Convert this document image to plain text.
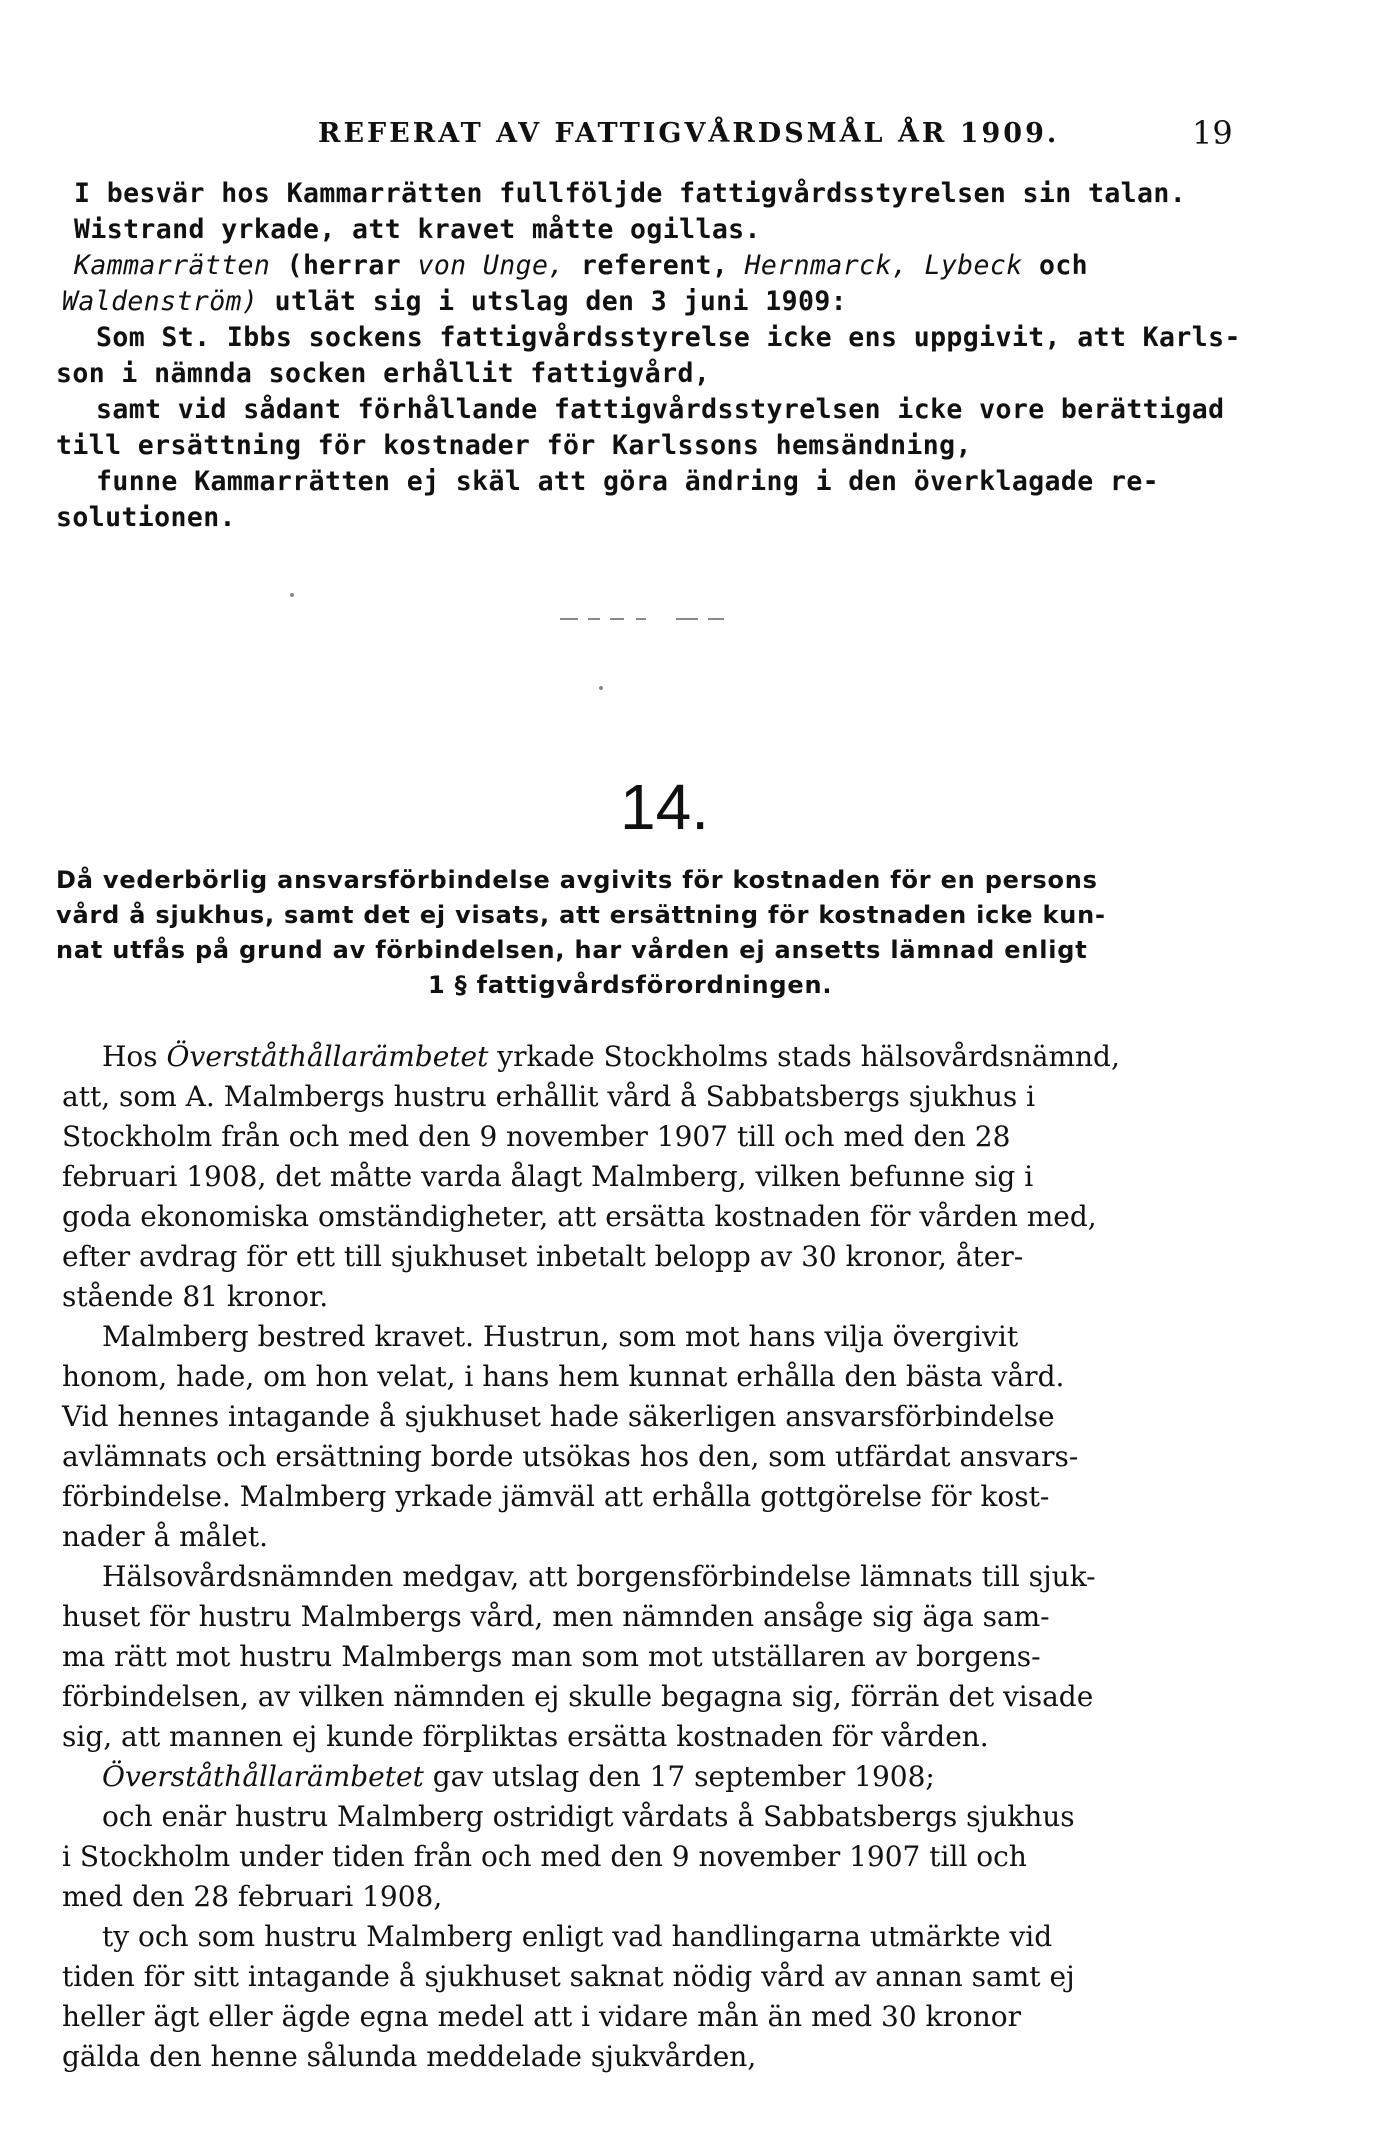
REFERAT AV FATTIGVÅRDSMÅL ÅR 1909.	19
I besvär hos Kammarrätten fullföljde fattigvårdsstyrelsen sin talan.
Wistrand yrkade, att kravet måtte ogillas.
Kammarrätten (herrar von Unge, referent, Hernmarck, Lybeck och
Waldenström) utlät sig i utslag den 3 juni 1909:
Som St. Ibbs sockens fattigvårdsstyrelse icke ens uppgivit, att Karls-
son i nämnda socken erhållit fattigvård,
samt vid sådant förhållande fattigvårdsstyrelsen icke vore berättigad
till ersättning för kostnader för Karlssons hemsändning,
funne Kammarrätten ej skäl att göra ändring i den överklagade re-
solutionen.
14.
Då vederbörlig ansvarsförbindelse avgivits för kostnaden för en persons
vård å sjukhus, samt det ej visats, att ersättning för kostnaden icke kun-
nat utfås på grund av förbindelsen, har vården ej ansetts lämnad enligt
1 § fattigvårdsförordningen.
Hos Överståthållarämbetet yrkade Stockholms stads hälsovårdsnämnd,
att, som A. Malmbergs hustru erhållit vård å Sabbatsbergs sjukhus i
Stockholm från och med den 9 november 1907 till och med den 28
februari 1908, det måtte varda ålagt Malmberg, vilken befunne sig i
goda ekonomiska omständigheter, att ersätta kostnaden för vården med,
efter avdrag för ett till sjukhuset inbetalt belopp av 30 kronor, åter-
stående 81 kronor.
Malmberg bestred kravet. Hustrun, som mot hans vilja övergivit
honom, hade, om hon velat, i hans hem kunnat erhålla den bästa vård.
Vid hennes intagande å sjukhuset hade säkerligen ansvarsförbindelse
avlämnats och ersättning borde utsökas hos den, som utfärdat ansvars-
förbindelse. Malmberg yrkade jämväl att erhålla gottgörelse för kost-
nader å målet.
Hälsovårdsnämnden medgav, att borgensförbindelse lämnats till sjuk-
huset för hustru Malmbergs vård, men nämnden ansåge sig äga sam-
ma rätt mot hustru Malmbergs man som mot utställaren av borgens-
förbindelsen, av vilken nämnden ej skulle begagna sig, förrän det visade
sig, att mannen ej kunde förpliktas ersätta kostnaden för vården.
Överståthållarämbetet gav utslag den 17 september 1908;
och enär hustru Malmberg ostridigt vårdats å Sabbatsbergs sjukhus
i Stockholm under tiden från och med den 9 november 1907 till och
med den 28 februari 1908,
ty och som hustru Malmberg enligt vad handlingarna utmärkte vid
tiden för sitt intagande å sjukhuset saknat nödig vård av annan samt ej
heller ägt eller ägde egna medel att i vidare mån än med 30 kronor
gälda den henne sålunda meddelade sjukvården,
